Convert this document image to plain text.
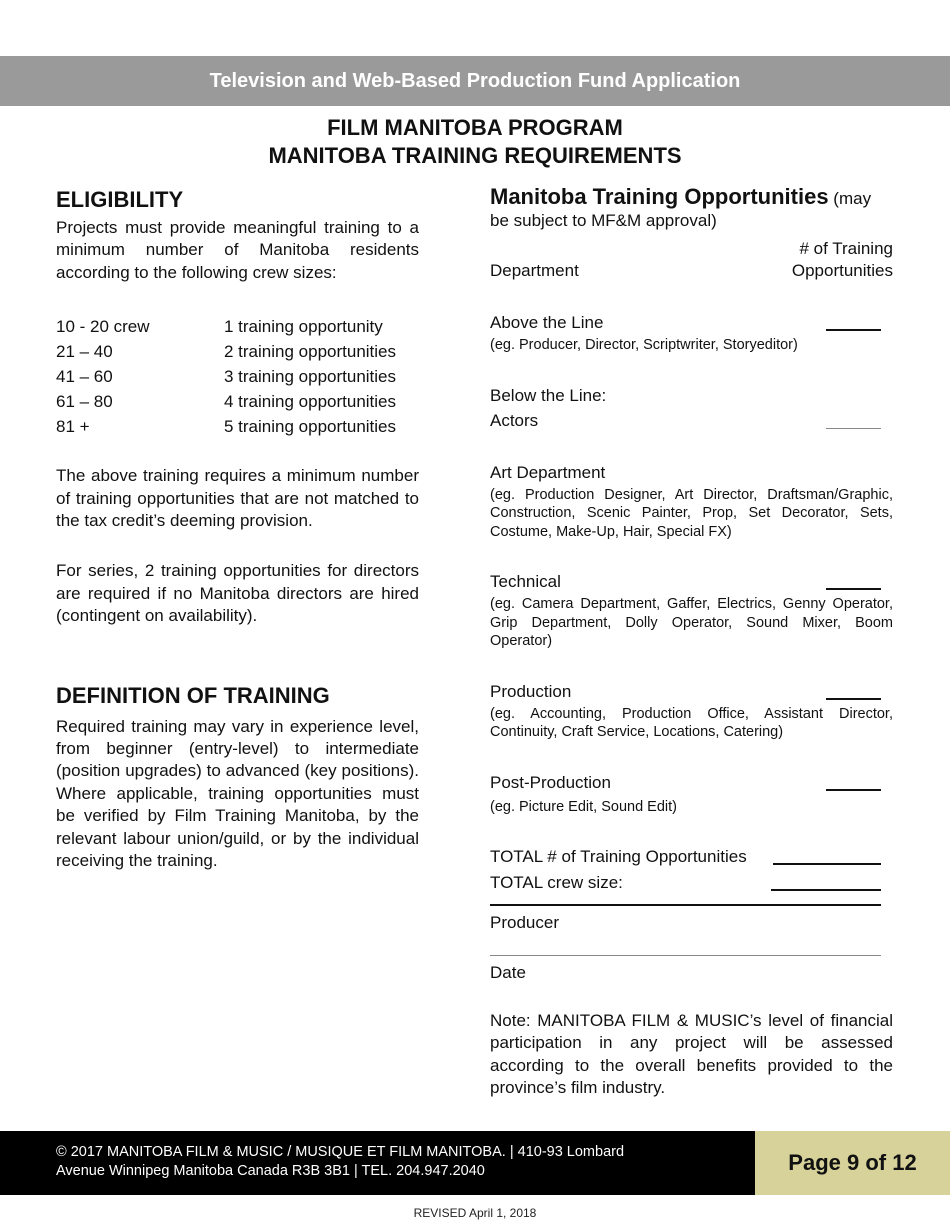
Television and Web-Based Production Fund Application
FILM MANITOBA PROGRAM
MANITOBA TRAINING REQUIREMENTS
ELIGIBILITY

Projects must provide meaningful training to a minimum number of Manitoba residents according to the following crew sizes:

10 - 20 crew	1 training opportunity
21 – 40	2 training opportunities
41 – 60	3 training opportunities
61 – 80	4 training opportunities
81 +	5 training opportunities

The above training requires a minimum number of training opportunities that are not matched to the tax credit’s deeming provision.

For series, 2 training opportunities for directors are required if no Manitoba directors are hired (contingent on availability).

DEFINITION OF TRAINING

Required training may vary in experience level, from beginner (entry-level) to intermediate (position upgrades) to advanced (key positions). Where applicable, training opportunities must be verified by Film Training Manitoba, by the relevant labour union/guild, or by the individual receiving the training.

Manitoba Training Opportunities (may be subject to MF&M approval)
Department
# of Training
Opportunities
Above the Line
(eg. Producer, Director, Scriptwriter, Storyeditor)
Below the Line:
Actors
Art Department
(eg. Production Designer, Art Director, Draftsman/Graphic, Construction, Scenic Painter, Prop, Set Decorator, Sets, Costume, Make-Up, Hair, Special FX)
Technical
(eg. Camera Department, Gaffer, Electrics, Genny Operator, Grip Department, Dolly Operator, Sound Mixer, Boom Operator)
Production
(eg. Accounting, Production Office, Assistant Director, Continuity, Craft Service, Locations, Catering)
Post-Production
(eg. Picture Edit, Sound Edit)
TOTAL # of Training Opportunities
TOTAL crew size:
Producer
Date

Note: MANITOBA FILM & MUSIC’s level of financial participation in any project will be assessed according to the overall benefits provided to the province’s film industry.

© 2017 MANITOBA FILM & MUSIC / MUSIQUE ET FILM MANITOBA. | 410-93 Lombard
Avenue Winnipeg Manitoba Canada R3B 3B1 | TEL. 204.947.2040	Page 9 of 12
REVISED April 1, 2018
